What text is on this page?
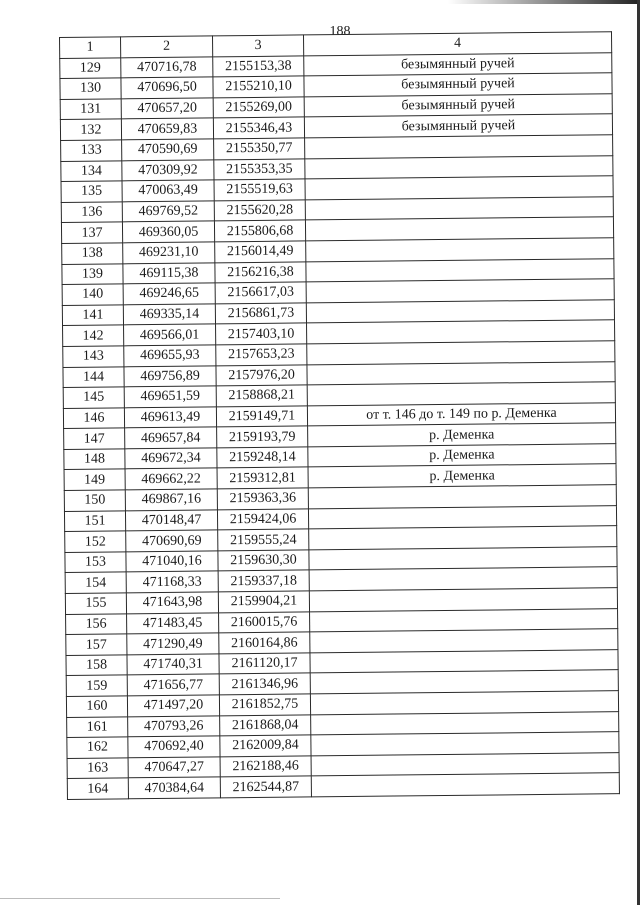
188
1	2	3	4
129	470716,78	2155153,38	безымянный ручей
130	470696,50	2155210,10	безымянный ручей
131	470657,20	2155269,00	безымянный ручей
132	470659,83	2155346,43	безымянный ручей
133	470590,69	2155350,77	
134	470309,92	2155353,35	
135	470063,49	2155519,63	
136	469769,52	2155620,28	
137	469360,05	2155806,68	
138	469231,10	2156014,49	
139	469115,38	2156216,38	
140	469246,65	2156617,03	
141	469335,14	2156861,73	
142	469566,01	2157403,10	
143	469655,93	2157653,23	
144	469756,89	2157976,20	
145	469651,59	2158868,21	
146	469613,49	2159149,71	от т. 146 до т. 149 по р. Деменка
147	469657,84	2159193,79	р. Деменка
148	469672,34	2159248,14	р. Деменка
149	469662,22	2159312,81	р. Деменка
150	469867,16	2159363,36	
151	470148,47	2159424,06	
152	470690,69	2159555,24	
153	471040,16	2159630,30	
154	471168,33	2159337,18	
155	471643,98	2159904,21	
156	471483,45	2160015,76	
157	471290,49	2160164,86	
158	471740,31	2161120,17	
159	471656,77	2161346,96	
160	471497,20	2161852,75	
161	470793,26	2161868,04	
162	470692,40	2162009,84	
163	470647,27	2162188,46	
164	470384,64	2162544,87	
